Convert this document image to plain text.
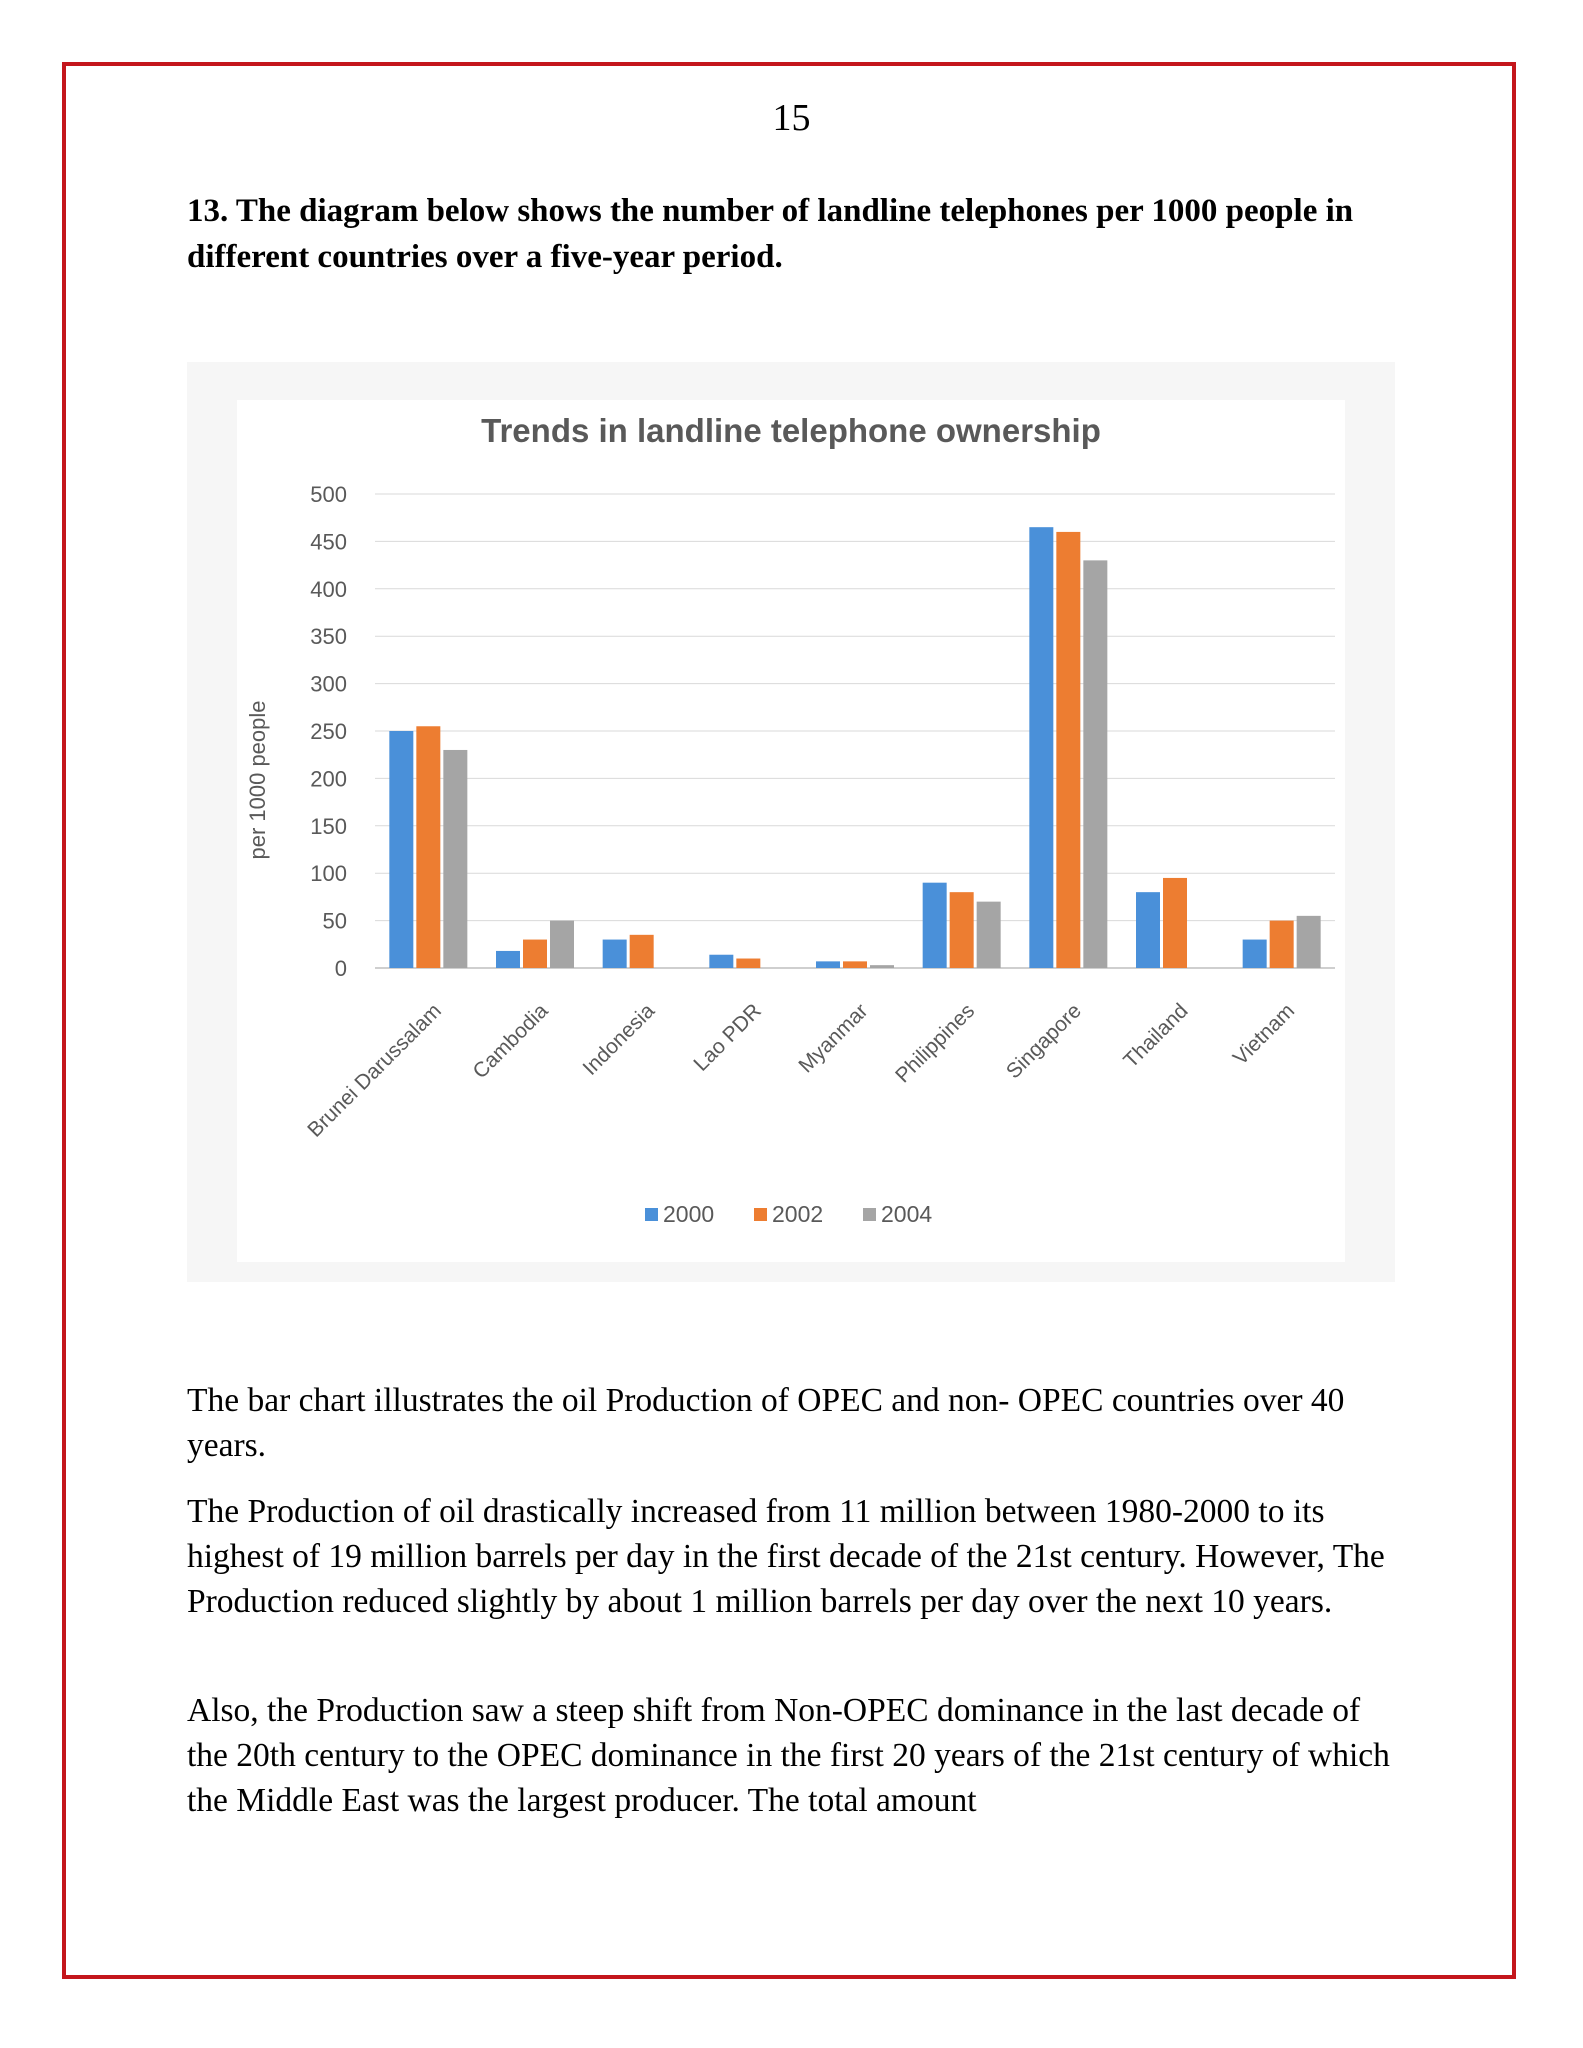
15
13. The diagram below shows the number of landline telephones per 1000 people in different countries over a five-year period.
Trends in landline telephone ownership
per 1000 people
0
50
100
150
200
250
300
350
400
450
500
Brunei Darussalam Cambodia Indonesia Lao PDR Myanmar Philippines Singapore Thailand Vietnam
2000	2002	2004

The bar chart illustrates the oil Production of OPEC and non- OPEC countries over 40 years.

The Production of oil drastically increased from 11 million between 1980-2000 to its highest of 19 million barrels per day in the first decade of the 21st century. However, The Production reduced slightly by about 1 million barrels per day over the next 10 years.

Also, the Production saw a steep shift from Non-OPEC dominance in the last decade of the 20th century to the OPEC dominance in the first 20 years of the 21st century of which the Middle East was the largest producer. The total amount
